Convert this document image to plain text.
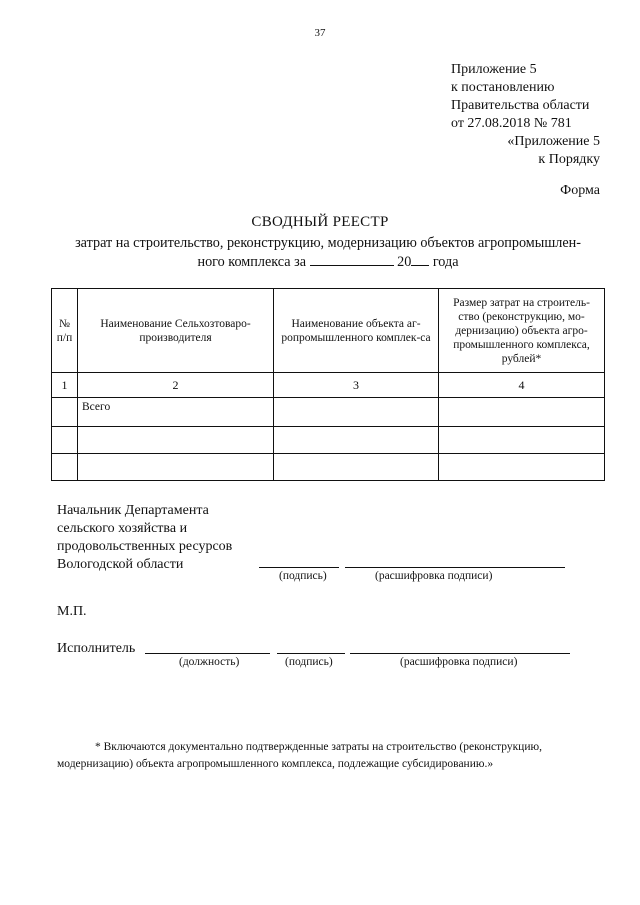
37
Приложение 5
к постановлению
Правительства области
от 27.08.2018 № 781
«Приложение 5
к Порядку
Форма
СВОДНЫЙ РЕЕСТР
затрат на строительство, реконструкцию, модернизацию объектов агропромышлен-
ного комплекса за	20 года
№ п/п	Наименование Сельхозтоваро-производителя	Наименование объекта аг-ропромышленного комплек-са	Размер затрат на строитель-ство (реконструкцию, мо-дернизацию) объекта агро-промышленного комплекса, рублей*
1	2	3	4
	Всего		

Начальник Департамента
сельского хозяйства и
продовольственных ресурсов
Вологодской области
(подпись)	(расшифровка подписи)
М.П.
Исполнитель
(должность)	(подпись)	(расшифровка подписи)
* Включаются документально подтвержденные затраты на строительство (реконструкцию,
модернизацию) объекта агропромышленного комплекса, подлежащие субсидированию.»
